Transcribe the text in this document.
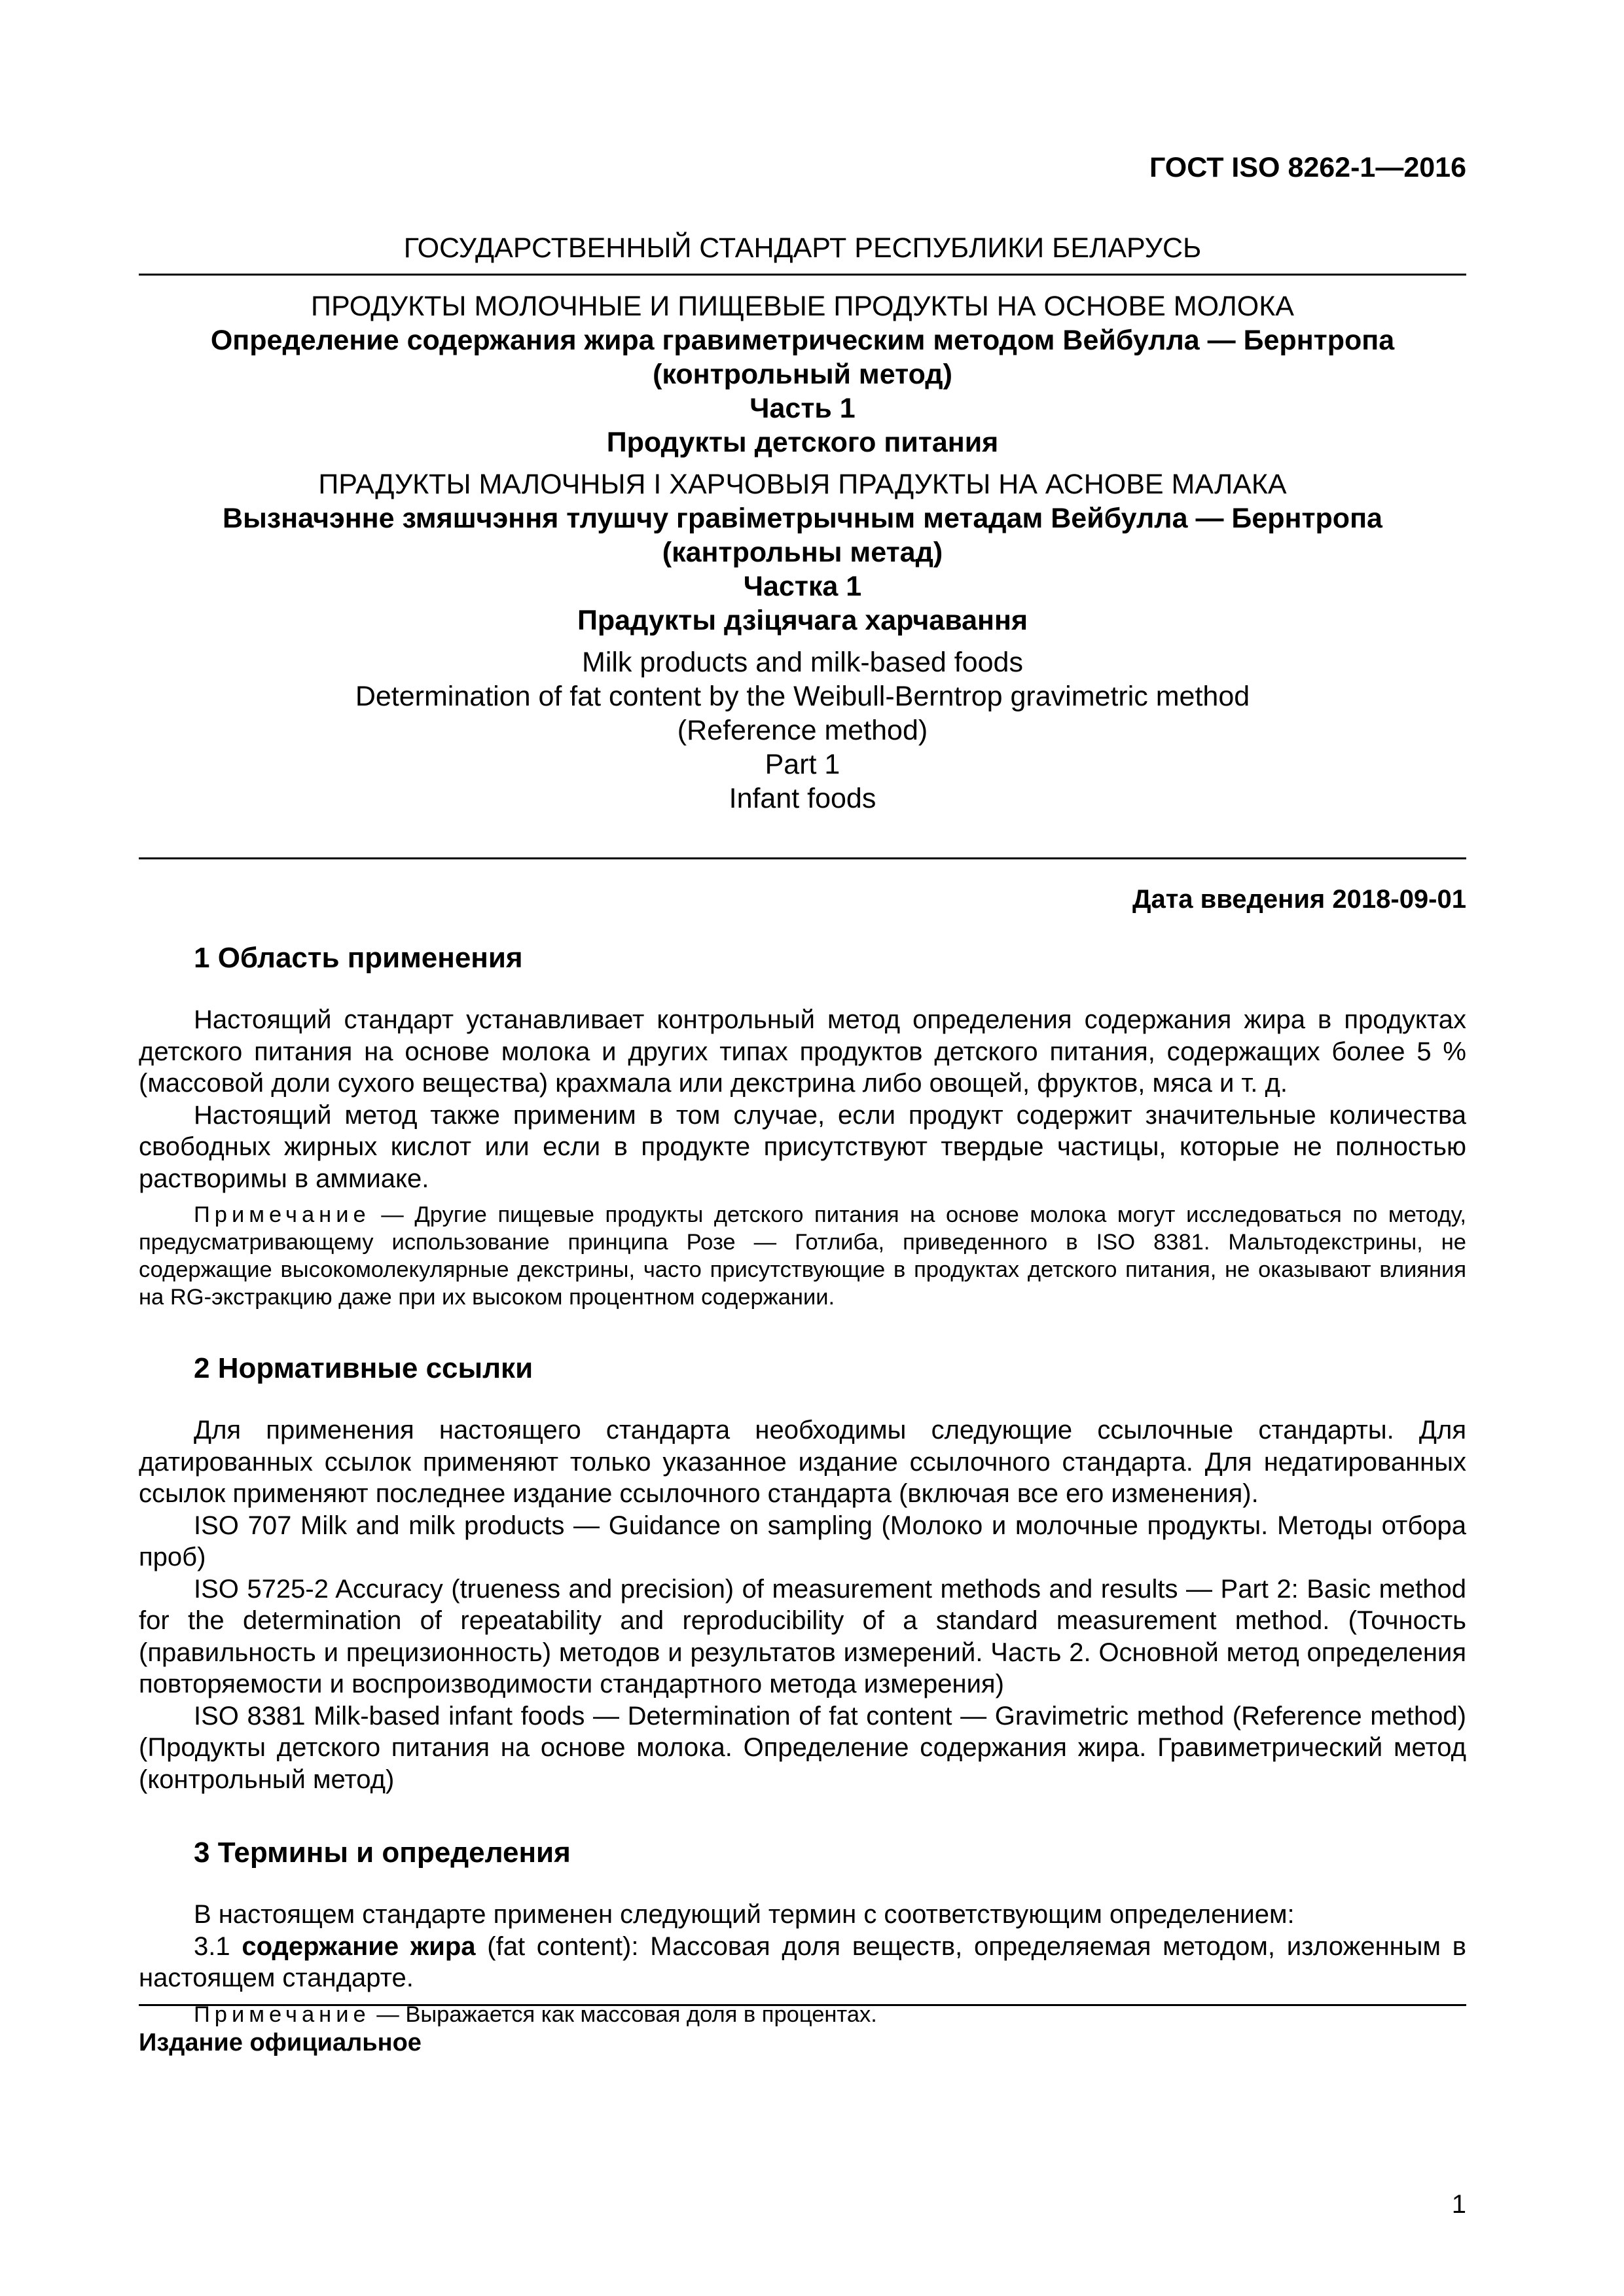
ГОСТ ISO 8262-1—2016
ГОСУДАРСТВЕННЫЙ СТАНДАРТ РЕСПУБЛИКИ БЕЛАРУСЬ
ПРОДУКТЫ МОЛОЧНЫЕ И ПИЩЕВЫЕ ПРОДУКТЫ НА ОСНОВЕ МОЛОКА
Определение содержания жира гравиметрическим методом Вейбулла — Бернтропа
(контрольный метод)
Часть 1
Продукты детского питания
ПРАДУКТЫ МАЛОЧНЫЯ І ХАРЧОВЫЯ ПРАДУКТЫ НА АСНОВЕ МАЛАКА
Вызначэнне змяшчэння тлушчу гравіметрычным метадам Вейбулла — Бернтропа
(кантрольны метад)
Частка 1
Прадукты дзіцячага харчавання
Milk products and milk-based foods
Determination of fat content by the Weibull-Berntrop gravimetric method
(Reference method)
Part 1
Infant foods
Дата введения 2018-09-01
1 Область применения

Настоящий стандарт устанавливает контрольный метод определения содержания жира в продуктах детского питания на основе молока и других типах продуктов детского питания, содержащих более 5 % (массовой доли сухого вещества) крахмала или декстрина либо овощей, фруктов, мяса и т. д.

Настоящий метод также применим в том случае, если продукт содержит значительные количества свободных жирных кислот или если в продукте присутствуют твердые частицы, которые не полностью растворимы в аммиаке.

Примечание — Другие пищевые продукты детского питания на основе молока могут исследоваться по методу, предусматривающему использование принципа Розе — Готлиба, приведенного в ISO 8381. Мальтодекстрины, не содержащие высокомолекулярные декстрины, часто присутствующие в продуктах детского питания, не оказывают влияния на RG-экстракцию даже при их высоком процентном содержании.
2 Нормативные ссылки

Для применения настоящего стандарта необходимы следующие ссылочные стандарты. Для датированных ссылок применяют только указанное издание ссылочного стандарта. Для недатированных ссылок применяют последнее издание ссылочного стандарта (включая все его изменения).

ISO 707 Milk and milk products — Guidance on sampling (Молоко и молочные продукты. Методы отбора проб)

ISO 5725-2 Accuracy (trueness and precision) of measurement methods and results — Part 2: Basic method for the determination of repeatability and reproducibility of a standard measurement method. (Точность (правильность и прецизионность) методов и результатов измерений. Часть 2. Основной метод определения повторяемости и воспроизводимости стандартного метода измерения)

ISO 8381 Milk-based infant foods — Determination of fat content — Gravimetric method (Reference method) (Продукты детского питания на основе молока. Определение содержания жира. Гравиметрический метод (контрольный метод)

3 Термины и определения

В настоящем стандарте применен следующий термин с соответствующим определением:

3.1 содержание жира (fat content): Массовая доля веществ, определяемая методом, изложенным в настоящем стандарте.

Примечание — Выражается как массовая доля в процентах.
Издание официальное
1
